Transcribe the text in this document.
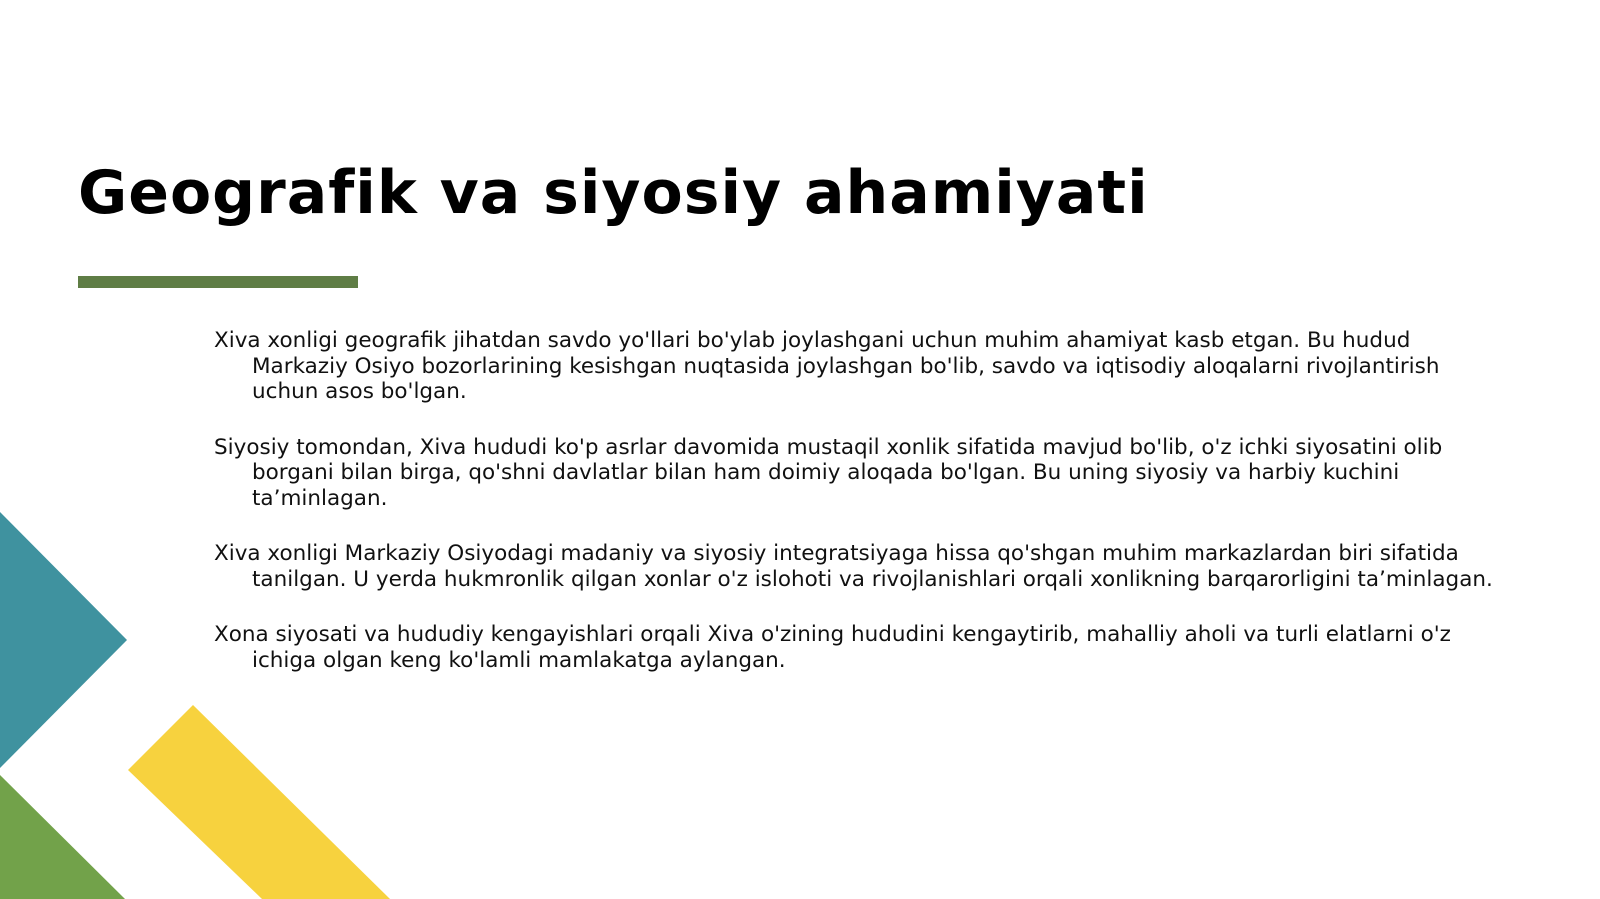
Geografik va siyosiy ahamiyati

Xiva xonligi geografik jihatdan savdo yo'llari bo'ylab joylashgani uchun muhim ahamiyat kasb etgan. Bu hudud Markaziy Osiyo bozorlarining kesishgan nuqtasida joylashgan bo'lib, savdo va iqtisodiy aloqalarni rivojlantirish uchun asos bo'lgan.

Siyosiy tomondan, Xiva hududi ko'p asrlar davomida mustaqil xonlik sifatida mavjud bo'lib, o'z ichki siyosatini olib borgani bilan birga, qo'shni davlatlar bilan ham doimiy aloqada bo'lgan. Bu uning siyosiy va harbiy kuchini ta’minlagan.

Xiva xonligi Markaziy Osiyodagi madaniy va siyosiy integratsiyaga hissa qo'shgan muhim markazlardan biri sifatida tanilgan. U yerda hukmronlik qilgan xonlar o'z islohoti va rivojlanishlari orqali xonlikning barqarorligini ta’minlagan.

Xona siyosati va hududiy kengayishlari orqali Xiva o'zining hududini kengaytirib, mahalliy aholi va turli elatlarni o'z ichiga olgan keng ko'lamli mamlakatga aylangan.
